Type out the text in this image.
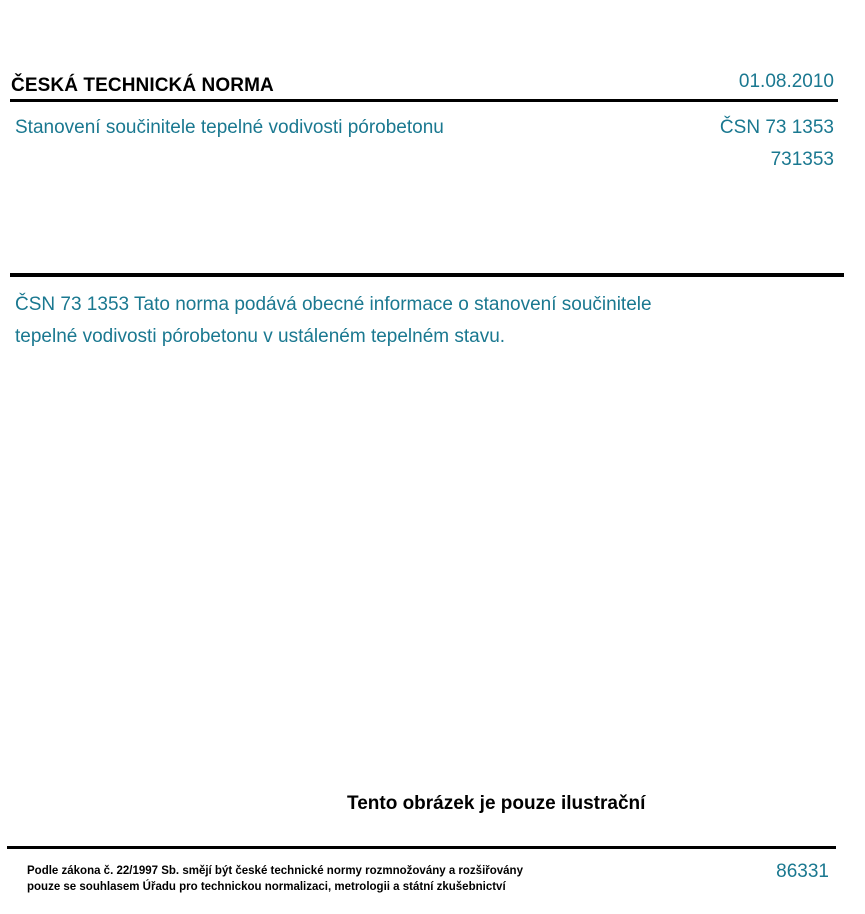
ČESKÁ TECHNICKÁ NORMA	01.08.2010
Stanovení součinitele tepelné vodivosti pórobetonu	ČSN 73 1353
731353
ČSN 73 1353 Tato norma podává obecné informace o stanovení součinitele
tepelné vodivosti pórobetonu v ustáleném tepelném stavu.
Tento obrázek je pouze ilustrační
Podle zákona č. 22/1997 Sb. smějí být české technické normy rozmnožovány a rozšiřovány
pouze se souhlasem Úřadu pro technickou normalizaci, metrologii a státní zkušebnictví
86331
